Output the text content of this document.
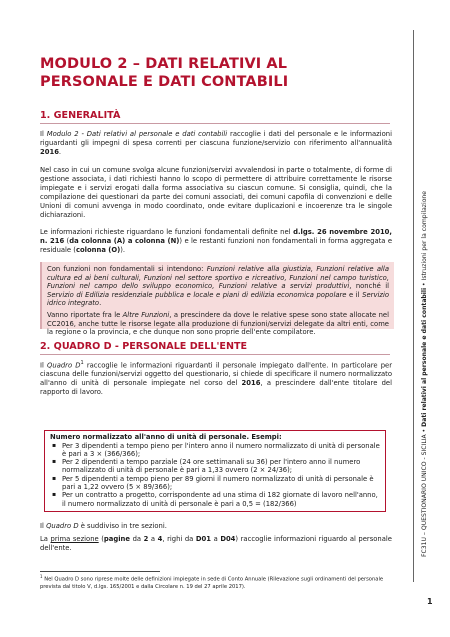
MODULO 2 – DATI RELATIVI AL PERSONALE E DATI CONTABILI
1. GENERALITÀ
Il Modulo 2 - Dati relativi al personale e dati contabili raccoglie i dati del personale e le informazioni riguardanti gli impegni di spesa correnti per ciascuna funzione/servizio con riferimento all'annualità 2016.
Nel caso in cui un comune svolga alcune funzioni/servizi avvalendosi in parte o totalmente, di forme di gestione associata, i dati richiesti hanno lo scopo di permettere di attribuire correttamente le risorse impiegate e i servizi erogati dalla forma associativa su ciascun comune. Si consiglia, quindi, che la compilazione dei questionari da parte dei comuni associati, dei comuni capofila di convenzioni e delle Unioni di comuni avvenga in modo coordinato, onde evitare duplicazioni e incoerenze tra le singole dichiarazioni.
Le informazioni richieste riguardano le funzioni fondamentali definite nel d.lgs. 26 novembre 2010, n. 216 (da colonna (A) a colonna (N)) e le restanti funzioni non fondamentali in forma aggregata e residuale (colonna (O)).

Con funzioni non fondamentali si intendono: Funzioni relative alla giustizia, Funzioni relative alla cultura ed ai beni culturali, Funzioni nel settore sportivo e ricreativo, Funzioni nel campo turistico, Funzioni nel campo dello sviluppo economico, Funzioni relative a servizi produttivi, nonché il Servizio di Edilizia residenziale pubblica e locale e piani di edilizia economica popolare e il Servizio idrico integrato.

Vanno riportate fra le Altre Funzioni, a prescindere da dove le relative spese sono state allocate nel CC2016, anche tutte le risorse legate alla produzione di funzioni/servizi delegate da altri enti, come la regione o la provincia, e che dunque non sono proprie dell'ente compilatore.

2. QUADRO D - PERSONALE DELL'ENTE
Il Quadro $D^1$ raccoglie le informazioni riguardanti il personale impiegato dall'ente. In particolare per ciascuna delle funzioni/servizi oggetto del questionario, si chiede di specificare il numero normalizzato all'anno di unità di personale impiegate nel corso del 2016, a prescindere dall'ente titolare del rapporto di lavoro.

Numero normalizzato all'anno di unità di personale. Esempi:

▪ Per 3 dipendenti a tempo pieno per l'intero anno il numero normalizzato di unità di personale è pari a 3 × (366/366);
▪ Per 2 dipendenti a tempo parziale (24 ore settimanali su 36) per l'intero anno il numero normalizzato di unità di personale è pari a 1,33 ovvero (2 × 24/36);
▪ Per 5 dipendenti a tempo pieno per 89 giorni il numero normalizzato di unità di personale è pari a 1,22 ovvero (5 × 89/366);
▪ Per un contratto a progetto, corrispondente ad una stima di 182 giornate di lavoro nell'anno, il numero normalizzato di unità di personale è pari a 0,5 = (182/366)
Il Quadro D è suddiviso in tre sezioni.
La prima sezione (pagine da 2 a 4, righi da D01 a D04) raccoglie informazioni riguardo al personale dell'ente.
$^1$ Nel Quadro D sono riprese molte delle definizioni impiegate in sede di Conto Annuale (Rilevazione sugli ordinamenti del personale prevista dal titolo V, d.lgs. 165/2001 e dalla Circolare n. 19 del 27 aprile 2017).
FC31U – QUESTIONARIO UNICO - SICILIA • Dati relativi al personale e dati contabili • Istruzioni per la compilazione
1
